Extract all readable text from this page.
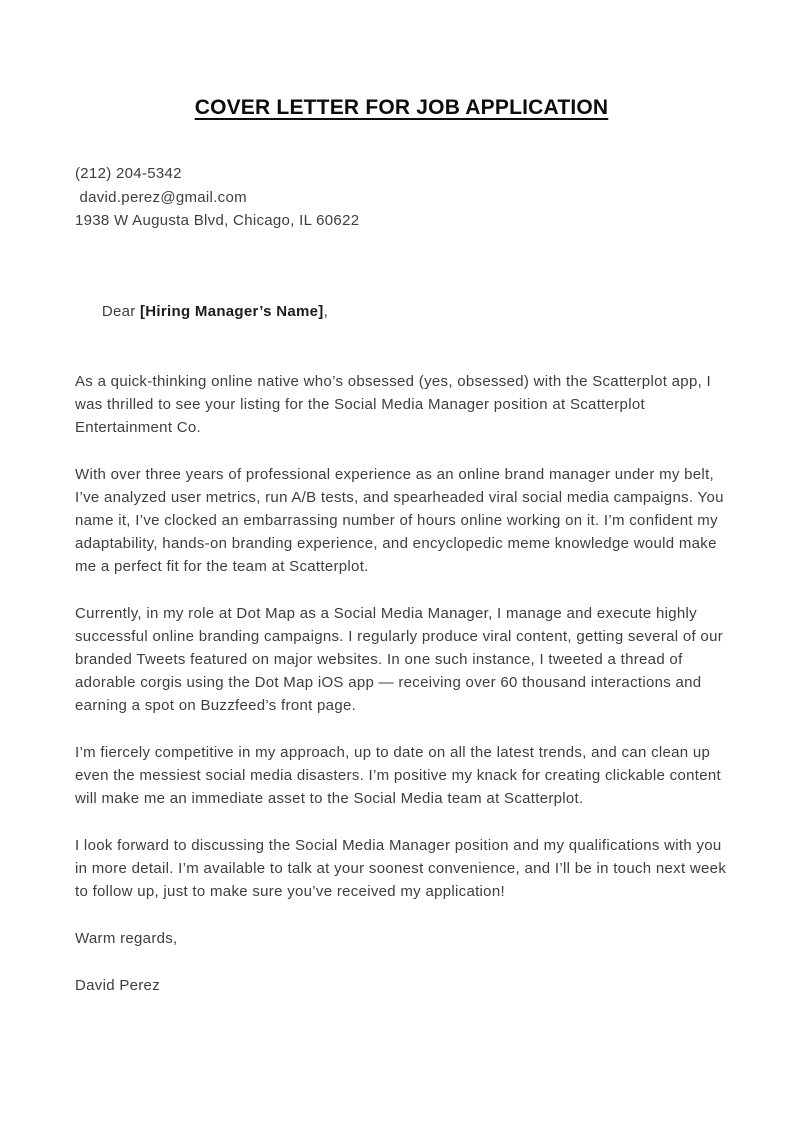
COVER LETTER FOR JOB APPLICATION
(212) 204-5342
david.perez@gmail.com
1938 W Augusta Blvd, Chicago, IL 60622

Dear [Hiring Manager’s Name],

As a quick-thinking online native who’s obsessed (yes, obsessed) with the Scatterplot app, I was thrilled to see your listing for the Social Media Manager position at Scatterplot Entertainment Co.

With over three years of professional experience as an online brand manager under my belt, I’ve analyzed user metrics, run A/B tests, and spearheaded viral social media campaigns. You name it, I’ve clocked an embarrassing number of hours online working on it. I’m confident my adaptability, hands-on branding experience, and encyclopedic meme knowledge would make me a perfect fit for the team at Scatterplot.

Currently, in my role at Dot Map as a Social Media Manager, I manage and execute highly successful online branding campaigns. I regularly produce viral content, getting several of our branded Tweets featured on major websites. In one such instance, I tweeted a thread of adorable corgis using the Dot Map iOS app — receiving over 60 thousand interactions and earning a spot on Buzzfeed’s front page.

I’m fiercely competitive in my approach, up to date on all the latest trends, and can clean up even the messiest social media disasters. I’m positive my knack for creating clickable content will make me an immediate asset to the Social Media team at Scatterplot.

I look forward to discussing the Social Media Manager position and my qualifications with you in more detail. I’m available to talk at your soonest convenience, and I’ll be in touch next week to follow up, just to make sure you’ve received my application!

Warm regards,
David Perez
